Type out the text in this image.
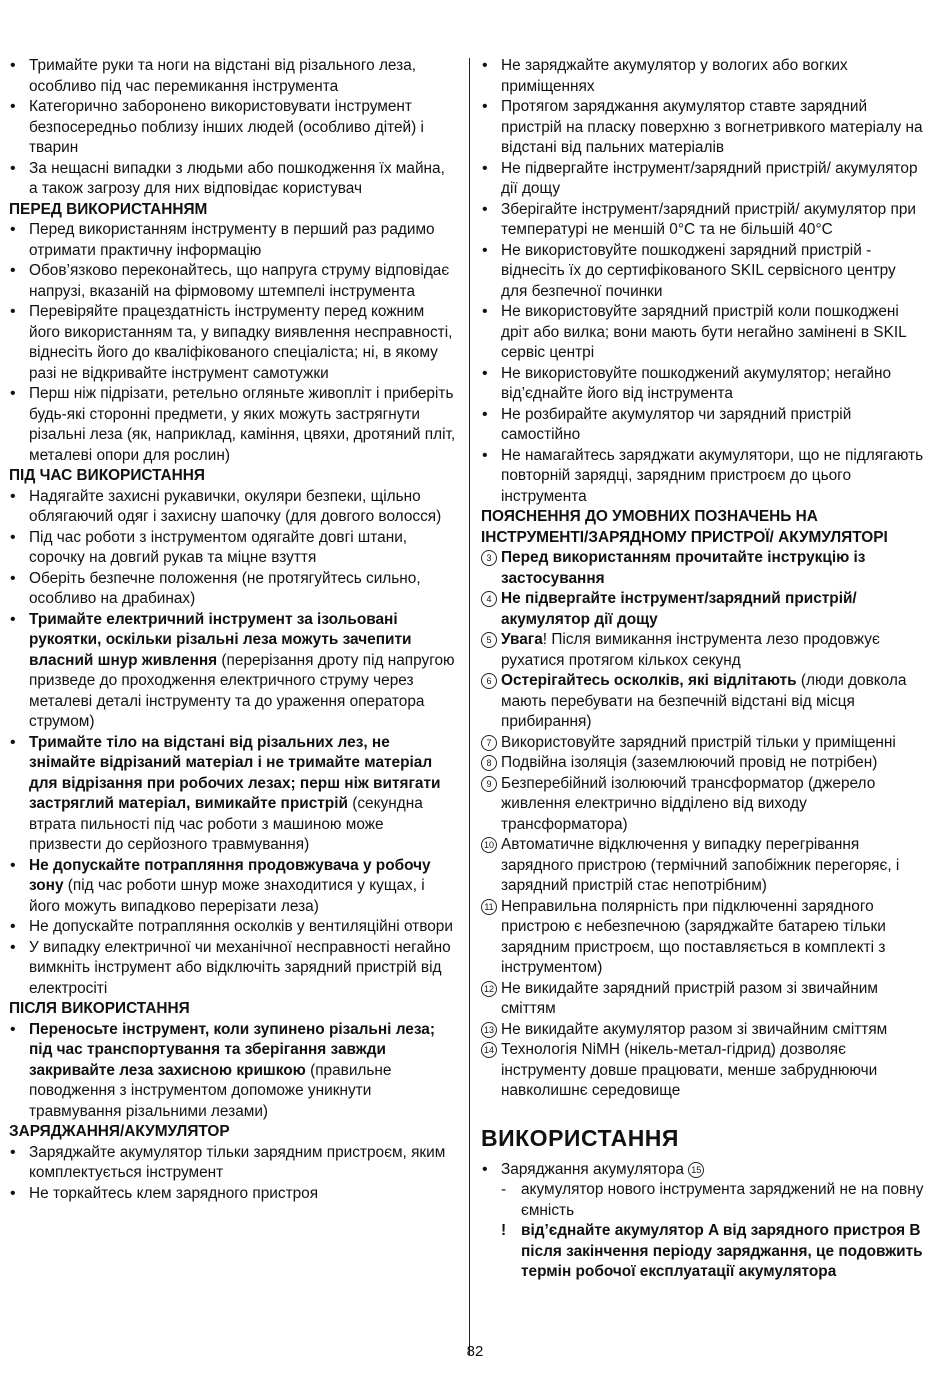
• Тримайте руки та ноги на відстані від різального леза, особливо під час перемикання інструмента

• Категорично заборонено використовувати інструмент безпосередньо поблизу інших людей (особливо дітей) і тварин

• За нещасні випадки з людьми або пошкодження їх майна, а також загрозу для них відповідає користувач

ПЕРЕД ВИКОРИСТАННЯМ

• Перед використанням інструменту в перший раз радимо отримати практичну інформацію

• Обов’язково переконайтесь, що напруга струму відповідає напрузі, вказаній на фірмовому штемпелі інструмента

• Перевіряйте працездатність інструменту перед кожним його використанням та, у випадку виявлення несправності, віднесіть його до кваліфікованого спеціаліста; ні, в якому разі не відкривайте інструмент самотужки

• Перш ніж підрізати, ретельно огляньте живопліт і приберіть будь-які сторонні предмети, у яких можуть застрягнути різальні леза (як, наприклад, каміння, цвяхи, дротяний пліт, металеві опори для рослин)

ПІД ЧАС ВИКОРИСТАННЯ

• Надягайте захисні рукавички, окуляри безпеки, щільно облягаючий одяг і захисну шапочку (для довгого волосся)

• Під час роботи з інструментом одягайте довгі штани, сорочку на довгий рукав та міцне взуття

• Оберіть безпечне положення (не протягуйтесь сильно, особливо на драбинах)

• Тримайте електричний інструмент за ізольовані рукоятки, оскільки різальні леза можуть зачепити власний шнур живлення (перерізання дроту під напругою призведе до проходження електричного струму через металеві деталі інструменту та до ураження оператора струмом)

• Тримайте тіло на відстані від різальних лез, не знімайте відрізаний матеріал і не тримайте матеріал для відрізання при робочих лезах; перш ніж витягати застряглий матеріал, вимикайте пристрій (секундна втрата пильності під час роботи з машиною може призвести до серйозного травмування)

• Не допускайте потрапляння продовжувача у робочу зону (під час роботи шнур може знаходитися у кущах, і його можуть випадково перерізати леза)

• Не допускайте потрапляння осколків у вентиляційні отвори

• У випадку електричної чи механічної несправності негайно вимкніть інструмент або відключіть зарядний пристрій від електросіті

ПІСЛЯ ВИКОРИСТАННЯ

• Переносьте інструмент, коли зупинено різальні леза; під час транспортування та зберігання завжди закривайте леза захисною кришкою (правильне поводження з інструментом допоможе уникнути травмування різальними лезами)

ЗАРЯДЖАННЯ/АКУМУЛЯТОР

• Заряджайте акумулятор тільки зарядним пристроєм, яким комплектується інструмент

• Не торкайтесь клем зарядного пристроя

• Не заряджайте акумулятор у вологих або вогких приміщеннях

• Протягом заряджання акумулятор ставте зарядний пристрій на пласку поверхню з вогнетривкого матеріалу на відстані від пальних матеріалів

• Не підвергайте інструмент/зарядний пристрій/ акумулятор дії дощу

• Зберігайте інструмент/зарядний пристрій/ акумулятор при температурі не меншій 0°C та не більшій 40°C

• Не використовуйте пошкоджені зарядний пристрій - віднесіть їх до сертифікованого SKIL сервісного центру для безпечної починки

• Не використовуйте зарядний пристрій коли пошкоджені дріт або вилка; вони мають бути негайно замінені в SKIL сервіс центрі

• Не використовуйте пошкоджений акумулятор; негайно від’єднайте його від інструмента

• Не розбирайте акумулятор чи зарядний пристрій самостійно

• Не намагайтесь заряджати акумулятори, що не підлягають повторній зарядці, зарядним пристроєм до цього інструмента

ПОЯСНЕННЯ ДО УМОВНИХ ПОЗНАЧЕНЬ НА ІНСТРУМЕНТІ/ЗАРЯДНОМУ ПРИСТРОЇ/ АКУМУЛЯТОРІ

3 Перед використанням прочитайте інструкцію із застосування

4 Не підвергайте інструмент/зарядний пристрій/ акумулятор дії дощу

5 Увага! Після вимикання інструмента лезо продовжує рухатися протягом кількох секунд

6 Остерігайтесь осколків, які відлітають (люди довкола мають перебувати на безпечній відстані від місця прибирання)

7 Використовуйте зарядний пристрій тільки у приміщенні

8 Подвійна ізоляція (заземлюючий провід не потрібен)

9 Безперебійний ізолюючий трансформатор (джерело живлення електрично відділено від виходу трансформатора)

10 Автоматичне відключення у випадку перегрівання зарядного пристрою (термічний запобіжник перегоряє, і зарядний пристрій стає непотрібним)

11 Неправильна полярність при підключенні зарядного пристрою є небезпечною (заряджайте батарею тільки зарядним пристроєм, що поставляється в комплекті з інструментом)

12 Не викидайте зарядний пристрій разом зі звичайним сміттям

13 Не викидайте акумулятор разом зі звичайним сміттям

14 Технологія NiMH (нікель-метал-гідрид) дозволяє інструменту довше працювати, менше забруднюючи навколишнє середовище

ВИКОРИСТАННЯ

• Заряджання акумулятора 15

- акумулятор нового інструмента заряджений не на повну ємність

! від’єднайте акумулятор A від зарядного пристроя B після закінчення періоду заряджання, це подовжить термін робочої експлуатації акумулятора

82
